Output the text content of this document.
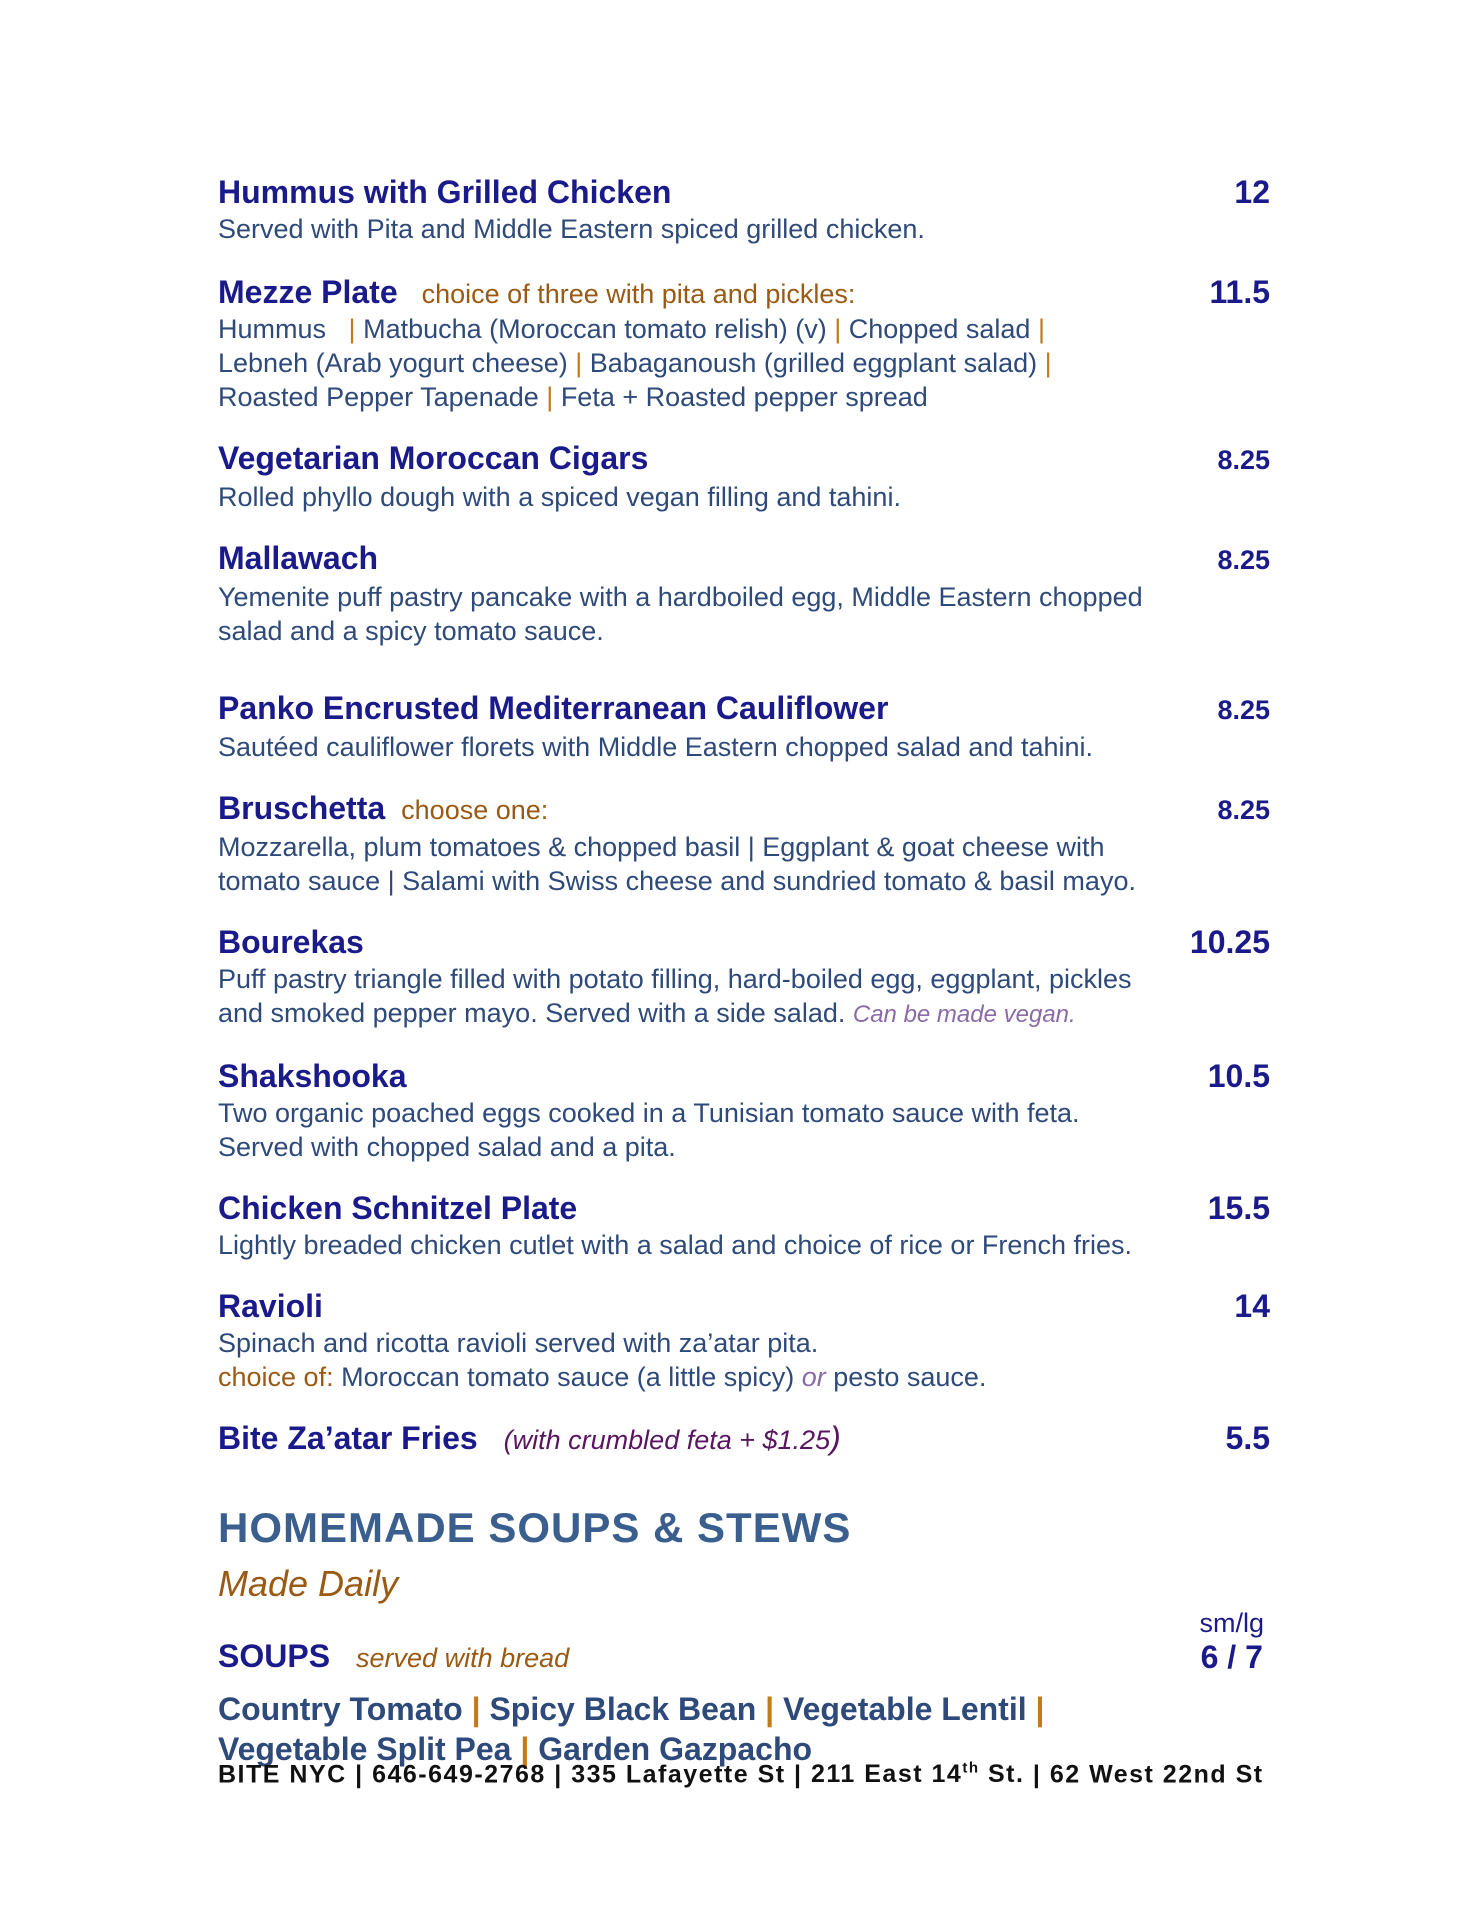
Hummus with Grilled Chicken	12
Served with Pita and Middle Eastern spiced grilled chicken.
Mezze Plate choice of three with pita and pickles:	11.5
Hummus   | Matbucha (Moroccan tomato relish) (v) | Chopped salad |
Lebneh (Arab yogurt cheese) | Babaganoush (grilled eggplant salad) |
Roasted Pepper Tapenade | Feta + Roasted pepper spread
Vegetarian Moroccan Cigars	8.25
Rolled phyllo dough with a spiced vegan filling and tahini.
Mallawach	8.25
Yemenite puff pastry pancake with a hardboiled egg, Middle Eastern chopped
salad and a spicy tomato sauce.
Panko Encrusted Mediterranean Cauliflower	8.25
Sautéed cauliflower florets with Middle Eastern chopped salad and tahini.
Bruschetta choose one:	8.25
Mozzarella, plum tomatoes & chopped basil | Eggplant & goat cheese with
tomato sauce | Salami with Swiss cheese and sundried tomato & basil mayo.
Bourekas	10.25
Puff pastry triangle filled with potato filling, hard-boiled egg, eggplant, pickles
and smoked pepper mayo. Served with a side salad. Can be made vegan.
Shakshooka	10.5
Two organic poached eggs cooked in a Tunisian tomato sauce with feta.
Served with chopped salad and a pita.
Chicken Schnitzel Plate	15.5
Lightly breaded chicken cutlet with a salad and choice of rice or French fries.
Ravioli	14
Spinach and ricotta ravioli served with za’atar pita.
choice of: Moroccan tomato sauce (a little spicy) or pesto sauce.
Bite Za’atar Fries (with crumbled feta + $1.25)	5.5
HOMEMADE SOUPS & STEWS
Made Daily
SOUPS served with bread
sm/lg
6 / 7
Country Tomato | Spicy Black Bean | Vegetable Lentil |
Vegetable Split Pea | Garden Gazpacho
BITE NYC | 646-649-2768 | 335 Lafayette St | 211 East 14th St. | 62 West 22nd St
